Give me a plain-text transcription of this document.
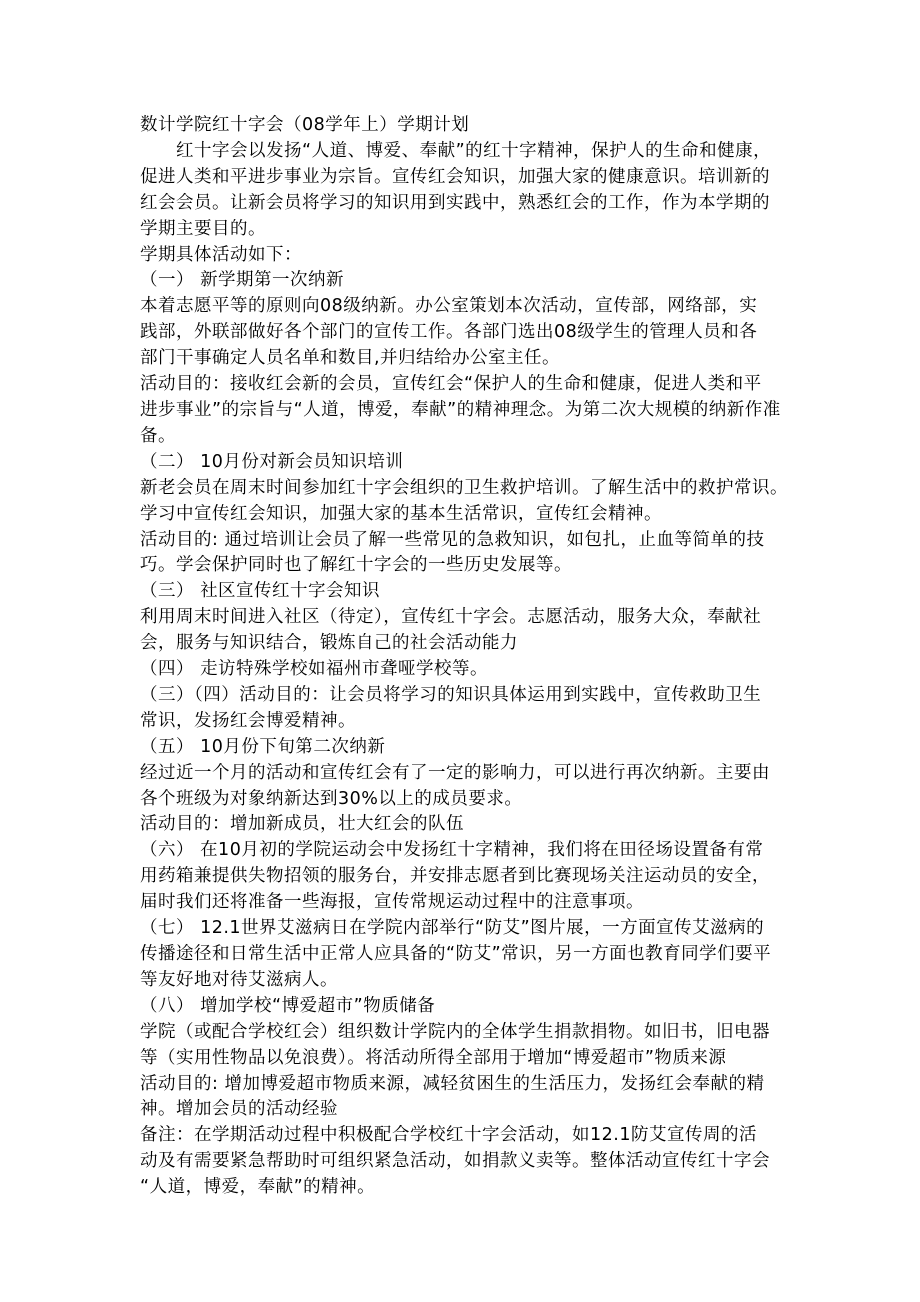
数计学院红十字会（08学年上）学期计划
红十字会以发扬“人道、博爱、奉献”的红十字精神，保护人的生命和健康，
促进人类和平进步事业为宗旨。宣传红会知识，加强大家的健康意识。培训新的
红会会员。让新会员将学习的知识用到实践中，熟悉红会的工作，作为本学期的
学期主要目的。
学期具体活动如下：
（一） 新学期第一次纳新
本着志愿平等的原则向08级纳新。办公室策划本次活动，宣传部，网络部，实
践部，外联部做好各个部门的宣传工作。各部门选出08级学生的管理人员和各
部门干事确定人员名单和数目,并归结给办公室主任。
活动目的：接收红会新的会员，宣传红会“保护人的生命和健康，促进人类和平
进步事业”的宗旨与“人道，博爱，奉献”的精神理念。为第二次大规模的纳新作准
备。
（二） 10月份对新会员知识培训
新老会员在周末时间参加红十字会组织的卫生救护培训。了解生活中的救护常识。
学习中宣传红会知识，加强大家的基本生活常识，宣传红会精神。
活动目的: 通过培训让会员了解一些常见的急救知识，如包扎，止血等简单的技
巧。学会保护同时也了解红十字会的一些历史发展等。
（三） 社区宣传红十字会知识
利用周末时间进入社区（待定），宣传红十字会。志愿活动，服务大众，奉献社
会，服务与知识结合，锻炼自己的社会活动能力
（四） 走访特殊学校如福州市聋哑学校等。
（三）（四）活动目的：让会员将学习的知识具体运用到实践中，宣传救助卫生
常识，发扬红会博爱精神。
（五） 10月份下旬第二次纳新
经过近一个月的活动和宣传红会有了一定的影响力，可以进行再次纳新。主要由
各个班级为对象纳新达到30%以上的成员要求。
活动目的：增加新成员，壮大红会的队伍
（六） 在10月初的学院运动会中发扬红十字精神，我们将在田径场设置备有常
用药箱兼提供失物招领的服务台，并安排志愿者到比赛现场关注运动员的安全，
届时我们还将准备一些海报，宣传常规运动过程中的注意事项。
（七） 12.1世界艾滋病日在学院内部举行“防艾”图片展，一方面宣传艾滋病的
传播途径和日常生活中正常人应具备的“防艾”常识，另一方面也教育同学们要平
等友好地对待艾滋病人。
（八） 增加学校“博爱超市”物质储备
学院（或配合学校红会）组织数计学院内的全体学生捐款捐物。如旧书，旧电器
等（实用性物品以免浪费）。将活动所得全部用于增加“博爱超市”物质来源
活动目的: 增加博爱超市物质来源，减轻贫困生的生活压力，发扬红会奉献的精
神。增加会员的活动经验
备注：在学期活动过程中积极配合学校红十字会活动，如12.1防艾宣传周的活
动及有需要紧急帮助时可组织紧急活动，如捐款义卖等。整体活动宣传红十字会
“人道，博爱，奉献”的精神。
